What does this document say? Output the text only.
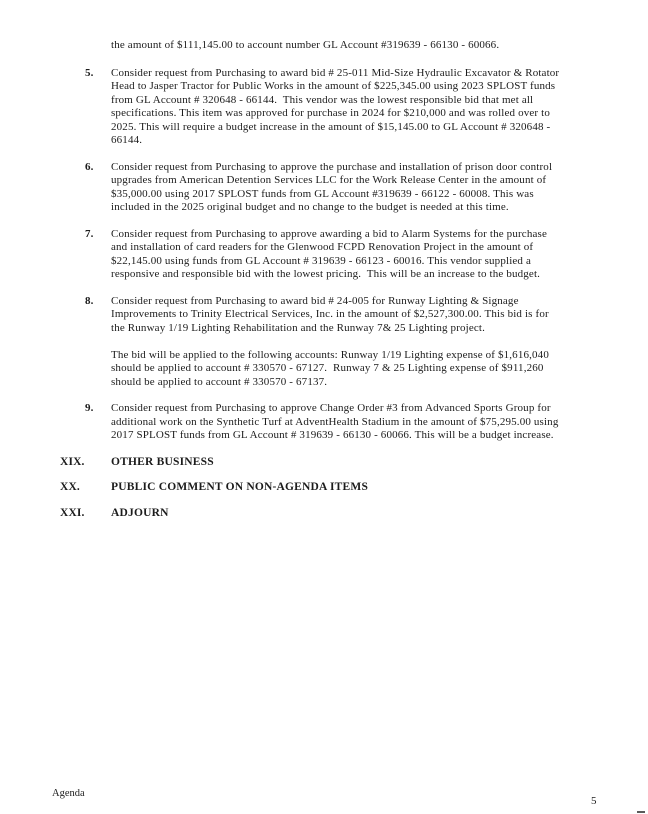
the amount of $111,145.00 to account number GL Account #319639 - 66130 - 60066.

5.	Consider request from Purchasing to award bid # 25-011 Mid-Size Hydraulic Excavator & Rotator Head to Jasper Tractor for Public Works in the amount of $225,345.00 using 2023 SPLOST funds from GL Account # 320648 - 66144.  This vendor was the lowest responsible bid that met all specifications. This item was approved for purchase in 2024 for $210,000 and was rolled over to 2025. This will require a budget increase in the amount of $15,145.00 to GL Account # 320648 - 66144.

6.	Consider request from Purchasing to approve the purchase and installation of prison door control upgrades from American Detention Services LLC for the Work Release Center in the amount of $35,000.00 using 2017 SPLOST funds from GL Account #319639 - 66122 - 60008. This was included in the 2025 original budget and no change to the budget is needed at this time.

7.	Consider request from Purchasing to approve awarding a bid to Alarm Systems for the purchase and installation of card readers for the Glenwood FCPD Renovation Project in the amount of $22,145.00 using funds from GL Account # 319639 - 66123 - 60016. This vendor supplied a responsive and responsible bid with the lowest pricing.  This will be an increase to the budget.

8.	Consider request from Purchasing to award bid # 24-005 for Runway Lighting & Signage Improvements to Trinity Electrical Services, Inc. in the amount of $2,527,300.00. This bid is for the Runway 1/19 Lighting Rehabilitation and the Runway 7& 25 Lighting project.

The bid will be applied to the following accounts: Runway 1/19 Lighting expense of $1,616,040 should be applied to account # 330570 - 67127.  Runway 7 & 25 Lighting expense of $911,260 should be applied to account # 330570 - 67137.

9.	Consider request from Purchasing to approve Change Order #3 from Advanced Sports Group for additional work on the Synthetic Turf at AdventHealth Stadium in the amount of $75,295.00 using 2017 SPLOST funds from GL Account # 319639 - 66130 - 60066. This will be a budget increase.

XIX.	OTHER BUSINESS
XX.	PUBLIC COMMENT ON NON-AGENDA ITEMS
XXI.	ADJOURN
Agenda
5
